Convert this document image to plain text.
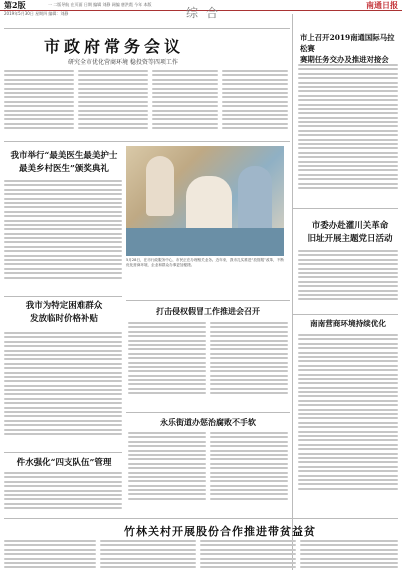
第2版	一 二版导航 在页面 日期 编辑 刘静 网编 唐洪霞 今年 本版	南通日报
2019年5月30日 星期四 编辑：刘静	综合
市政府常务会议
研究全市优化营商环境 稳投资等四项工作
市上召开2019南通国际马拉松赛
赛期任务交办及推进对接会
我市举行“最美医生最美护士
最美乡村医生”颁奖典礼
5月28日，在市行政服务中心，市民正在办理相关业务。近年来，我市扎实推进“放管服”改革，不断优化营商环境，企业和群众办事更加便捷。
市委办赴灌川关革命
旧址开展主题党日活动
我市为特定困难群众
发放临时价格补贴
打击侵权假冒工作推进会召开
南南营商环境持续优化
永乐街道办惩治腐败不手软
件水强化“四支队伍”管理
竹林关村开展股份合作推进带贫益贫
